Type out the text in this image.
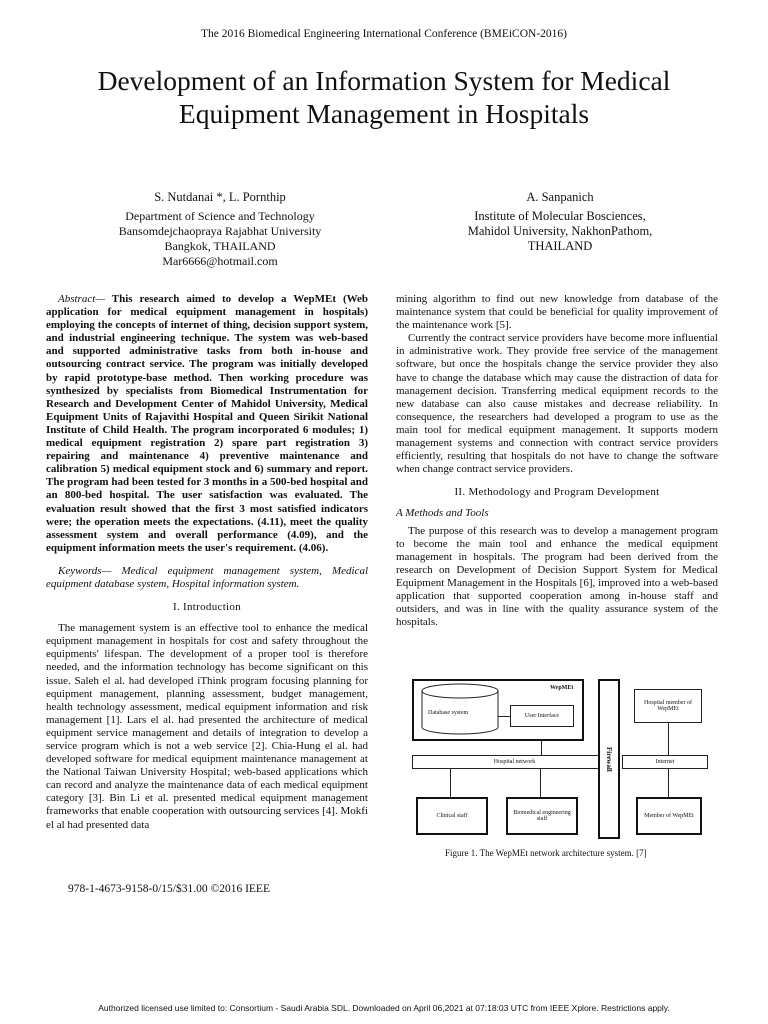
The 2016 Biomedical Engineering International Conference (BMEiCON-2016)
Development of an Information System for Medical
Equipment Management in Hospitals
S. Nutdanai *, L. Pornthip
Department of Science and Technology
Bansomdejchaopraya Rajabhat University
Bangkok, THAILAND
Mar6666@hotmail.com
A. Sanpanich
Institute of Molecular Bosciences,
Mahidol University, NakhonPathom,
THAILAND

Abstract— This research aimed to develop a WepMEt (Web application for medical equipment management in hospitals) employing the concepts of internet of thing, decision support system, and industrial engineering technique. The system was web-based and supported administrative tasks from both in-house and outsourcing contract service. The program was initially developed by rapid prototype-base method. Then working procedure was synthesized by specialists from Biomedical Instrumentation for Research and Development Center of Mahidol University, Medical Equipment Units of Rajavithi Hospital and Queen Sirikit National Institute of Child Health. The program incorporated 6 modules; 1) medical equipment registration 2) spare part registration 3) repairing and maintenance 4) preventive maintenance and calibration 5) medical equipment stock and 6) summary and report. The program had been tested for 3 months in a 500-bed hospital and an 800-bed hospital. The user satisfaction was evaluated. The evaluation result showed that the first 3 most satisfied indicators were; the operation meets the expectations. (4.11), meet the quality assessment system and overall performance (4.09), and the equipment information meets the user's requirement. (4.06).

Keywords— Medical equipment management system, Medical equipment database system, Hospital information system.

I. Introduction

The management system is an effective tool to enhance the medical equipment management in hospitals for cost and safety throughout the equipments' lifespan. The development of a proper tool is therefore needed, and the information technology has become significant on this issue. Saleh el al. had developed iThink program focusing planning for equipment management, planning assessment, budget management, health technology assessment, medical equipment information and risk management [1]. Lars el al. had presented the architecture of medical equipment service management and details of integration to develop a service program which is not a web service [2]. Chia-Hung el al. had developed software for medical equipment maintenance management at the National Taiwan University Hospital; web-based applications which can record and analyze the maintenance data of each medical equipment category [3]. Bin Li et al. presented medical equipment management frameworks that enable cooperation with outsourcing services [4]. Mokfi el al had presented data

mining algorithm to find out new knowledge from database of the maintenance system that could be beneficial for quality improvement of the maintenance work [5].

Currently the contract service providers have become more influential in administrative work. They provide free service of the management software, but once the hospitals change the service provider they also have to change the database which may cause the distraction of data for management decision. Transferring medical equipment records to the new database can also cause mistakes and decrease reliability. In consequence, the researchers had developed a program to use as the main tool for medical equipment management. It supports modern management systems and connection with contract service providers efficiently, resulting that hospitals do not have to change the software when change contract service providers.

II. Methodology and Program Development

A Methods and Tools

The purpose of this research was to develop a management program to become the main tool and enhance the medical equipment management in hospitals. The program had been derived from the research on Development of Decision Support System for Medical Equipment Management in the Hospitals [6], improved into a web-based application that supported cooperation among in-house staff and outsiders, and was in line with the quality assurance system of the hospitals.

WepMEt
Database system	User Interface
Hospital network	Firewall	Internet
Hospital member of WepMEt
Clinical staff	Biomedical engineering staff	Member of WepMEt
Figure 1. The WepMEt network architecture system. [7]
978-1-4673-9158-0/15/$31.00 ©2016 IEEE
Authorized licensed use limited to: Consortium - Saudi Arabia SDL. Downloaded on April 06,2021 at 07:18:03 UTC from IEEE Xplore. Restrictions apply.
